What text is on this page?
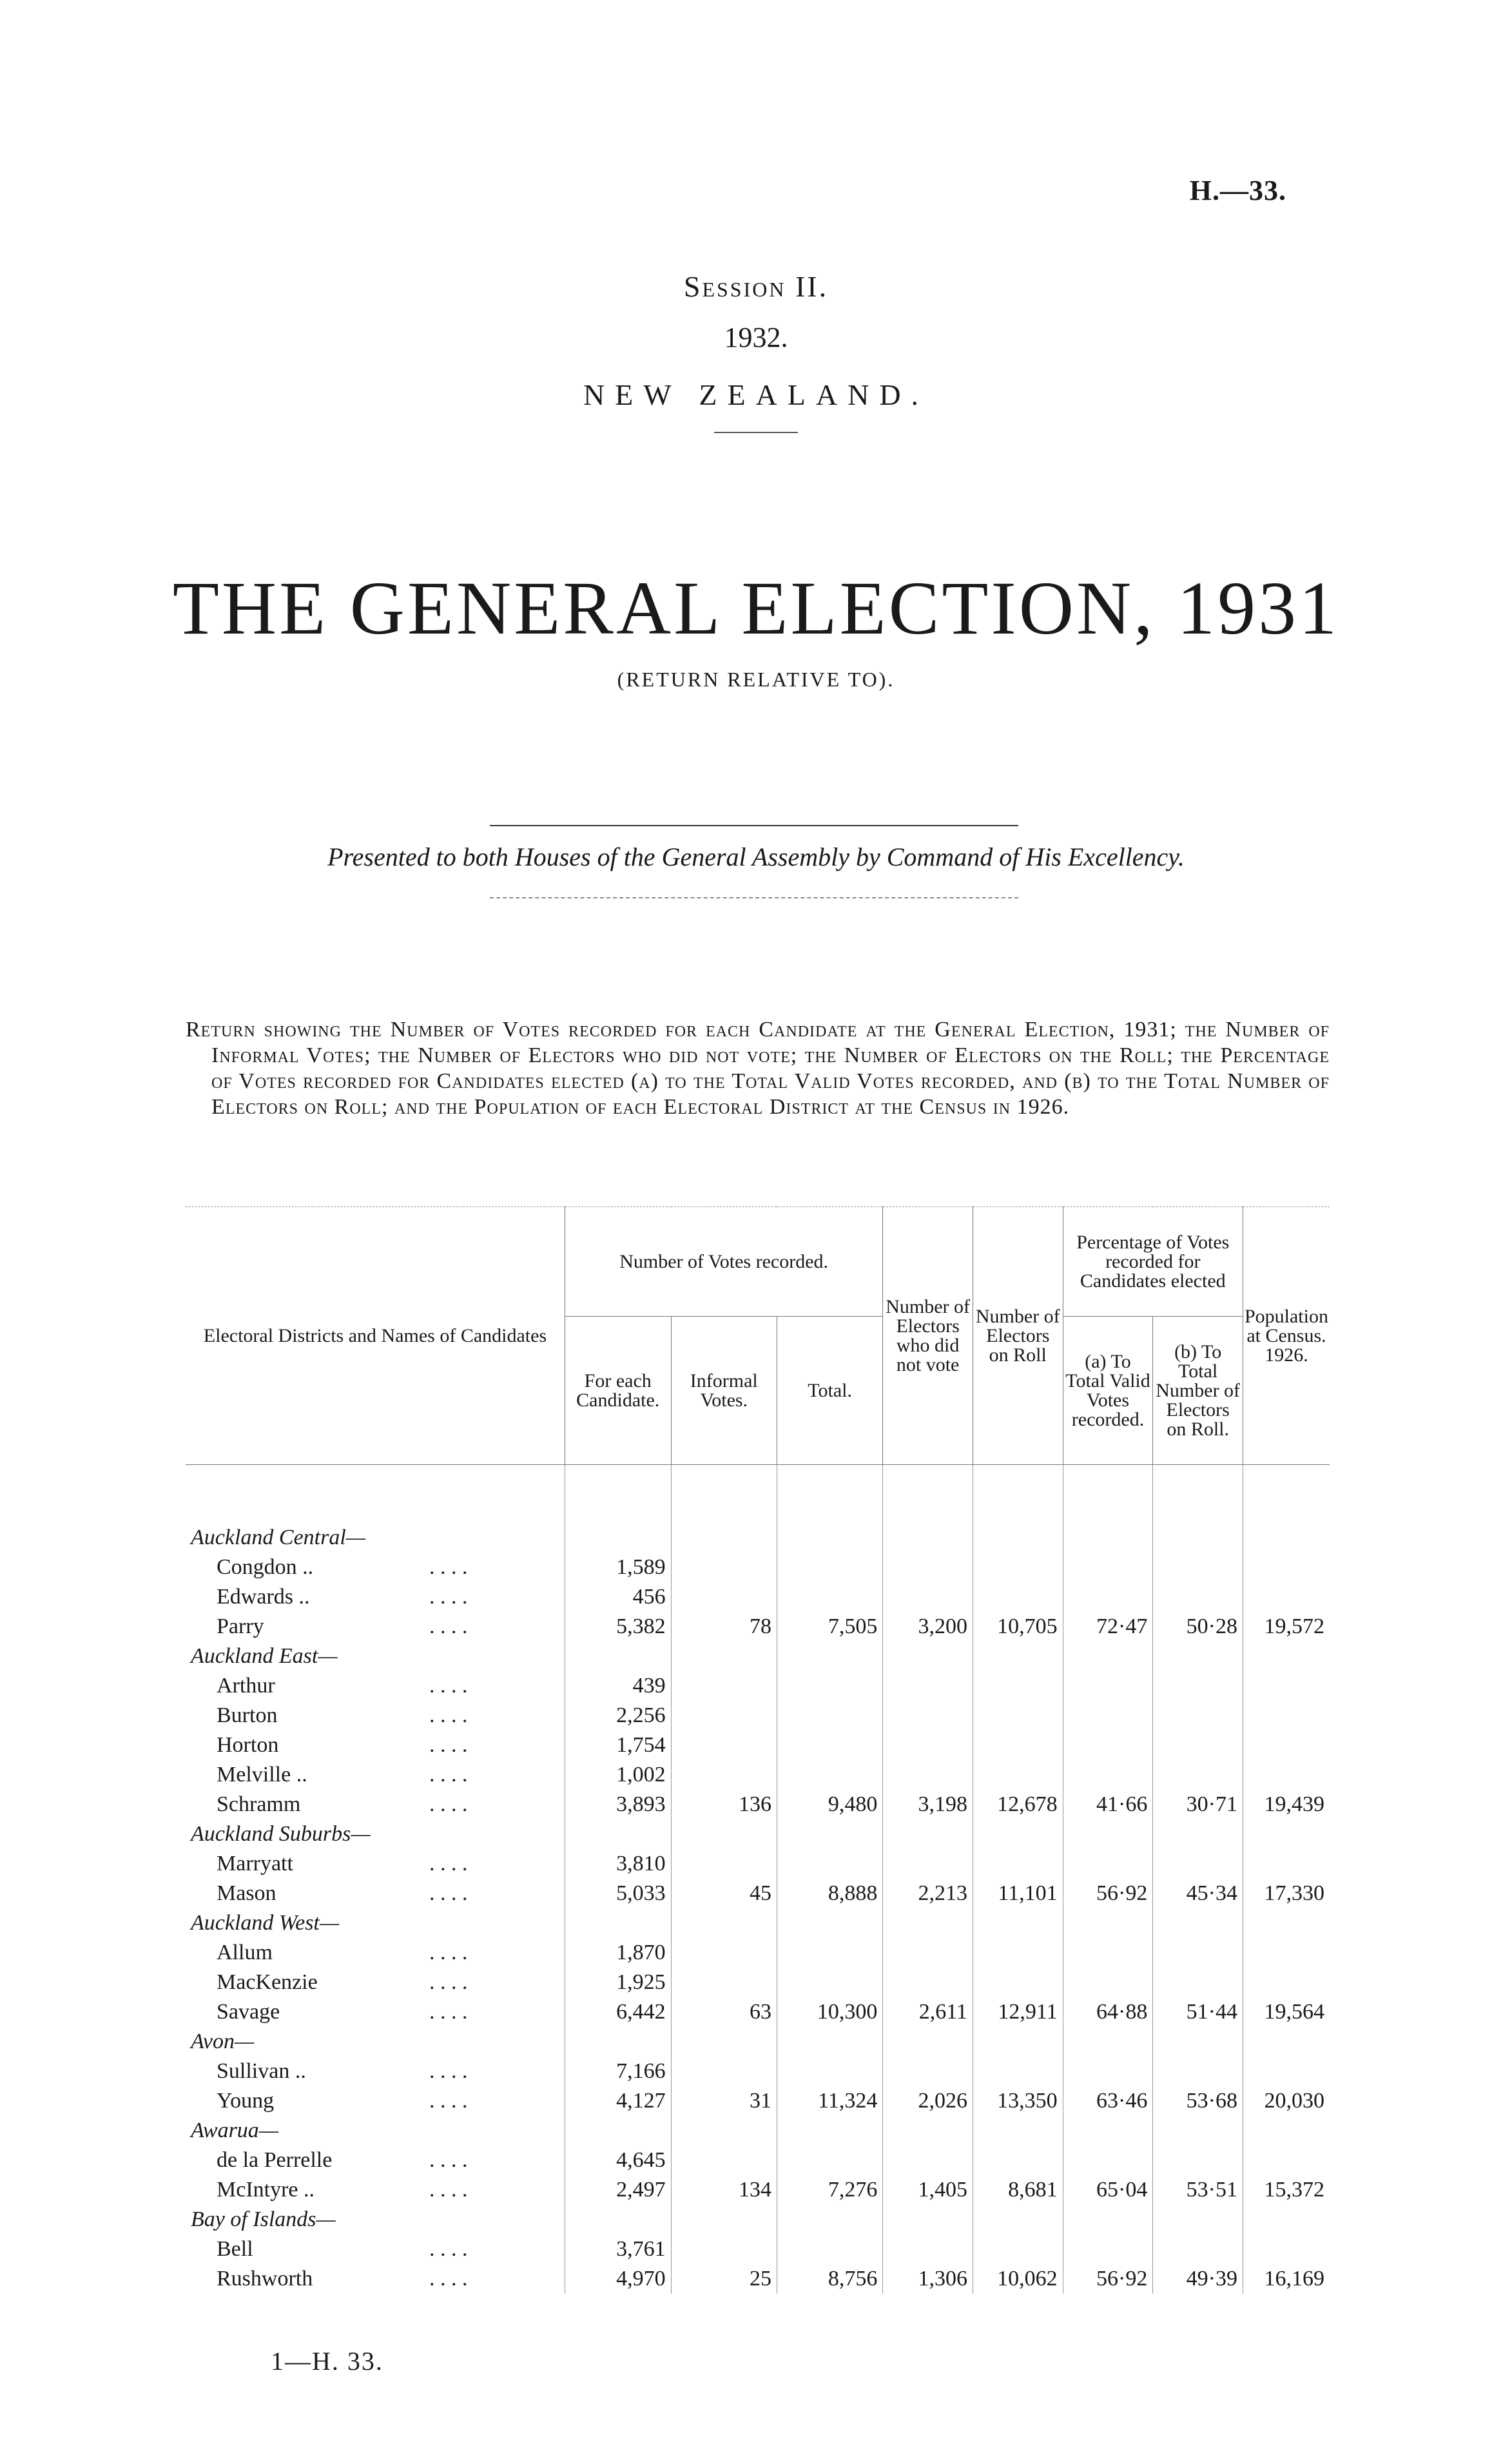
H.—33.
Session II.
1932.
NEW ZEALAND.
THE GENERAL ELECTION, 1931
(RETURN RELATIVE TO).
Presented to both Houses of the General Assembly by Command of His Excellency.

Return showing the Number of Votes recorded for each Candidate at the General Election, 1931; the Number of Informal Votes; the Number of Electors who did not vote; the Number of Electors on the Roll; the Percentage of Votes recorded for Candidates elected (a) to the Total Valid Votes recorded, and (b) to the Total Number of Electors on Roll; and the Population of each Electoral District at the Census in 1926.

Electoral Districts and Names of Candidates	Number of Votes recorded.			Number of Electors who did not vote	Number of Electors on Roll	Percentage of Votes recorded for Candidates elected		Population at Census. 1926.
	For each Candidate.	Informal Votes.	Total.			(a) To Total Valid Votes recorded.	(b) To Total Number of Electors on Roll.	

Auckland Central—								
Congdon .. . . . .	1,589							
Edwards .. . . . .	456							
Parry . . . .	5,382	78	7,505	3,200	10,705	72·47	50·28	19,572
Auckland East—								
Arthur . . . .	439							
Burton . . . .	2,256							
Horton . . . .	1,754							
Melville .. . . . .	1,002							
Schramm . . . .	3,893	136	9,480	3,198	12,678	41·66	30·71	19,439
Auckland Suburbs—								
Marryatt . . . .	3,810							
Mason . . . .	5,033	45	8,888	2,213	11,101	56·92	45·34	17,330
Auckland West—								
Allum . . . .	1,870							
MacKenzie . . . .	1,925							
Savage . . . .	6,442	63	10,300	2,611	12,911	64·88	51·44	19,564
Avon—								
Sullivan .. . . . .	7,166							
Young . . . .	4,127	31	11,324	2,026	13,350	63·46	53·68	20,030
Awarua—								
de la Perrelle . . . .	4,645							
McIntyre .. . . . .	2,497	134	7,276	1,405	8,681	65·04	53·51	15,372
Bay of Islands—								
Bell . . . .	3,761							
Rushworth . . . .	4,970	25	8,756	1,306	10,062	56·92	49·39	16,169
1—H. 33.
